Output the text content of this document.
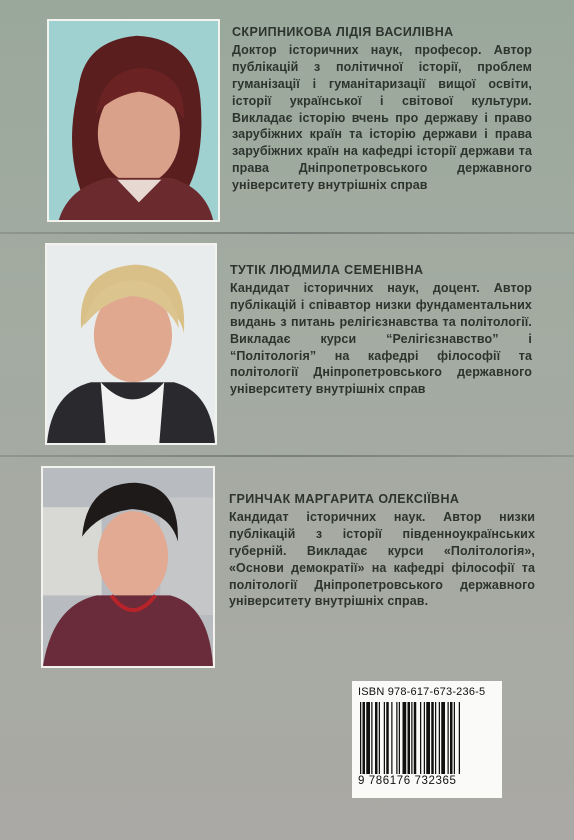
СКРИПНИКОВА ЛІДІЯ ВАСИЛІВНА
Доктор історичних наук, професор. Автор публікацій з політичної історії, проблем гуманізації і гуманітаризації вищої освіти, історії української і світової культури. Викладає історію вчень про державу і право зарубіжних країн та історію держави і права зарубіжних країн на кафедрі історії держави та права Дніпропетровського державного університету внутрішніх справ
ТУТІК ЛЮДМИЛА СЕМЕНІВНА
Кандидат історичних наук, доцент. Автор публікацій і співавтор низки фундаментальних видань з питань релігієзнавства та політології. Викладає курси “Релігієзнавство” і “Політологія” на кафедрі філософії та політології Дніпропетровського державного університету внутрішніх справ
ГРИНЧАК МАРГАРИТА ОЛЕКСІЇВНА
Кандидат історичних наук. Автор низки публікацій з історії південноукраїнських губерній. Викладає курси «Політологія», «Основи демократії» на кафедрі філософії та політології Дніпропетровського державного університету внутрішніх справ.
ISBN 978-617-673-236-5
9 786176 732365
